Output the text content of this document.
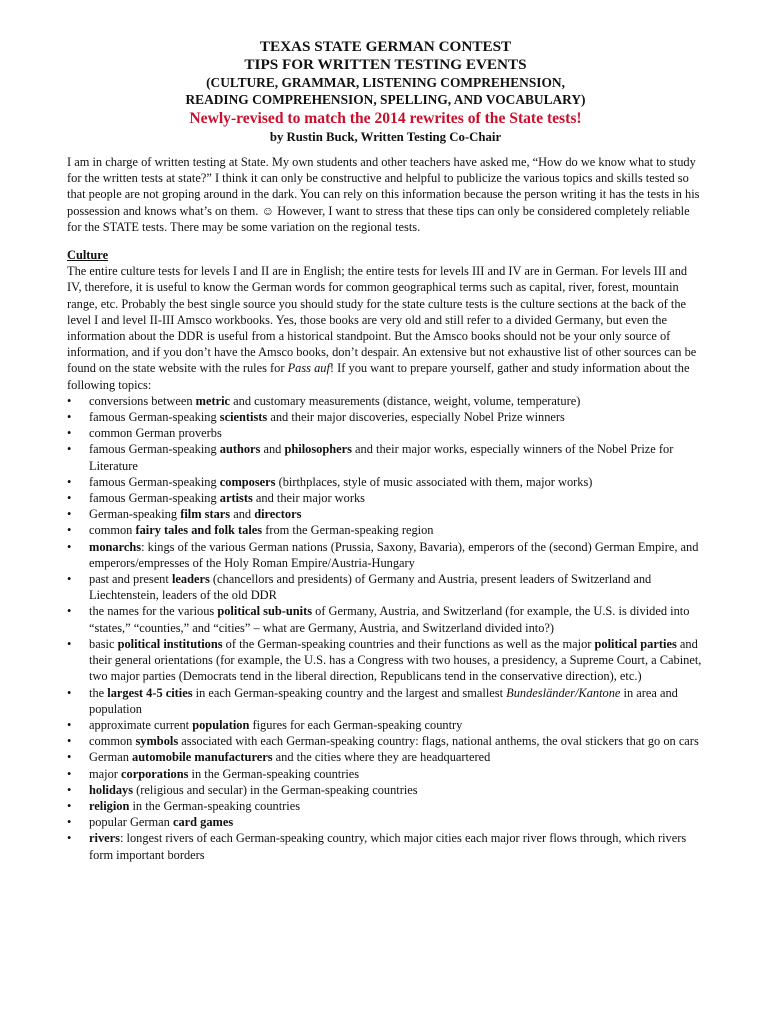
TEXAS STATE GERMAN CONTEST
TIPS FOR WRITTEN TESTING EVENTS
(CULTURE, GRAMMAR, LISTENING COMPREHENSION,
READING COMPREHENSION, SPELLING, AND VOCABULARY)
Newly-revised to match the 2014 rewrites of the State tests!
by Rustin Buck, Written Testing Co-Chair

I am in charge of written testing at State. My own students and other teachers have asked me, “How do we know what to study for the written tests at state?” I think it can only be constructive and helpful to publicize the various topics and skills tested so that people are not groping around in the dark. You can rely on this information because the person writing it has the tests in his possession and knows what’s on them. ☺ However, I want to stress that these tips can only be considered completely reliable for the STATE tests. There may be some variation on the regional tests.

Culture

The entire culture tests for levels I and II are in English; the entire tests for levels III and IV are in German. For levels III and IV, therefore, it is useful to know the German words for common geographical terms such as capital, river, forest, mountain range, etc. Probably the best single source you should study for the state culture tests is the culture sections at the back of the level I and level II-III Amsco workbooks. Yes, those books are very old and still refer to a divided Germany, but even the information about the DDR is useful from a historical standpoint. But the Amsco books should not be your only source of information, and if you don’t have the Amsco books, don’t despair. An extensive but not exhaustive list of other sources can be found on the state website with the rules for Pass auf! If you want to prepare yourself, gather and study information about the following topics:

• conversions between metric and customary measurements (distance, weight, volume, temperature)
• famous German-speaking scientists and their major discoveries, especially Nobel Prize winners
• common German proverbs
• famous German-speaking authors and philosophers and their major works, especially winners of the Nobel Prize for Literature
• famous German-speaking composers (birthplaces, style of music associated with them, major works)
• famous German-speaking artists and their major works
• German-speaking film stars and directors
• common fairy tales and folk tales from the German-speaking region
• monarchs: kings of the various German nations (Prussia, Saxony, Bavaria), emperors of the (second) German Empire, and emperors/empresses of the Holy Roman Empire/Austria-Hungary
• past and present leaders (chancellors and presidents) of Germany and Austria, present leaders of Switzerland and Liechtenstein, leaders of the old DDR
• the names for the various political sub-units of Germany, Austria, and Switzerland (for example, the U.S. is divided into “states,” “counties,” and “cities” – what are Germany, Austria, and Switzerland divided into?)
• basic political institutions of the German-speaking countries and their functions as well as the major political parties and their general orientations (for example, the U.S. has a Congress with two houses, a presidency, a Supreme Court, a Cabinet, two major parties (Democrats tend in the liberal direction, Republicans tend in the conservative direction), etc.)
• the largest 4-5 cities in each German-speaking country and the largest and smallest Bundesländer/Kantone in area and population
• approximate current population figures for each German-speaking country
• common symbols associated with each German-speaking country: flags, national anthems, the oval stickers that go on cars
• German automobile manufacturers and the cities where they are headquartered
• major corporations in the German-speaking countries
• holidays (religious and secular) in the German-speaking countries
• religion in the German-speaking countries
• popular German card games
• rivers: longest rivers of each German-speaking country, which major cities each major river flows through, which rivers form important borders
